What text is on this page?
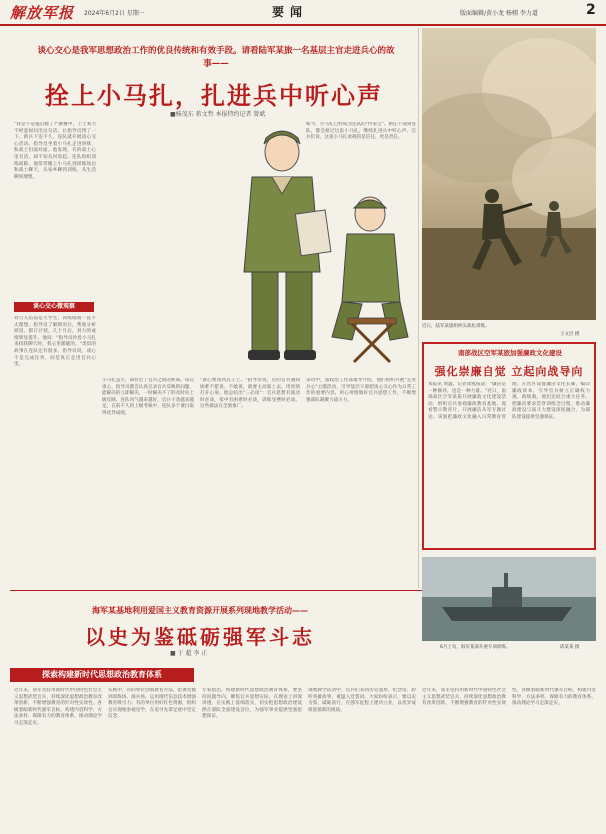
解放军报 2024年6月2日 星期一	要闻	版面编辑/黄小龙 杨栩 李力道	2
谈心交心是我军思想政治工作的优良传统和有效手段。请看陆军某旅一名基层主官走进兵心的故事——
拴上小马扎，扎进兵中听心声
■杨茂东 蒋文哲 本报特约记者 曾斌
谈心交心微观察
"我是不是拖后腿了?"聚餐中，上士刘力不经意间问出这句话，让指导员愣了一下。新兵下连不久，连队就开展谈心交心活动。指导员坐着小马扎走进班排，和战士们面对面。他发现，有的战士心里有话，却不知从何说起。连队组织训练间隙，他常常搬上小马扎到训练场边和战士聊天，从家乡聊到训练，从生活聊到理想。
刘力入伍前是大学生，训练成绩一直不太理想。指导员了解情况后，帮他分析原因、制订计划。几个月后，刘力的成绩明显提升。他说："指导员拎着小马扎来找我聊天时，我心里暖暖的。"类似的故事在连队还有很多。指导员说，谈心不是完成任务，而是真正走进官兵心里。
小马扎虽小，却拉近了官兵之间的距离。每次谈心，指导员都会认真记录官兵反映的问题，能解决的立即解决，一时解决不了的及时向上级反映。连队风气越来越好，官兵干劲越来越足。在前不久的上级考核中，连队多个课目取得优异成绩。
"谈心要谈到点子上。"指导员说，有的官兵遇到困难不愿说、不敢说，就要主动靠上去，用真情打开心扉。他总结出"三必谈"：官兵思想有波动时必谈，家中有困难时必谈，训练受挫时必谈。这些做法在全旅推广。
如今，小马扎已经成为连队的"传家宝"。新任干部到连队，都会接过这张小马扎，继续扎进兵中听心声。官兵们说，这张小马扎承载的是信任，更是责任。
采访中，旅政治工作部领导介绍，他们组织开展"走进兵心"主题活动，引导基层干部把谈心交心作为日常工作的重要内容，用心用情做好官兵思想工作，不断增强部队凝聚力战斗力。
近日，陆军某旅组织实战化训练。
王文臣 摄
南部战区空军某旅加强廉政文化建设
强化崇廉自觉 立起向战导向
本报讯 黄鑫、记者徐淞报道："廉洁是一种修养，也是一种力量。"近日，南部战区空军某旅开展廉政文化建设活动，组织官兵参观廉政教育基地、观看警示教育片、开展廉洁从军专题讨论。该旅把廉政文化融入日常教育管理，在营区设置廉洁文化长廊，编印廉政读本，引导官兵树立正确权力观、政绩观。他们还结合重大任务，把廉洁要求贯穿训练全过程，推动廉政建设与战斗力建设深度融合，为部队建设提供坚强保证。
6月上旬，海军某部开展专项训练。	邱某某 摄
海军某基地利用爱国主义教育资源开展系列现地教学活动——
以史为鉴砥砺强军斗志
■ 于 超 李 正
探索构建新时代思想政治教育体系
近年来，我军坚持用新时代中国特色社会主义思想武装官兵，持续深化思想政治教育改革创新，不断增强教育的针对性实效性。各级着眼新时代强军目标，构建内容科学、方法多样、保障有力的教育体系，推动理论学习走深走实。
实践中，有的单位创新教育方法，把课堂搬到训练场、演兵场，运用现代信息技术增强教育吸引力；有的单位用好红色资源，组织官兵现地参观见学，在追寻先辈足迹中坚定信念。
专家指出，构建新时代思想政治教育体系，要坚持问题导向，聚焦官兵思想实际，在理论上讲深讲透、在实践上落细落实，切实把思想政治建设摆在部队全面建设首位，为强军事业提供坚强思想保证。
现地教学活动中，官兵们来到历史遗址、纪念馆，聆听英雄故事，重温入党誓词。大家纷纷表示，要以史为鉴、砥砺前行，在强军征程上建功立业，以优异成绩迎接新的挑战。
近年来，我军坚持用新时代中国特色社会主义思想武装官兵，持续深化思想政治教育改革创新，不断增强教育的针对性实效性。各级着眼新时代强军目标，构建内容科学、方法多样、保障有力的教育体系，推动理论学习走深走实。
